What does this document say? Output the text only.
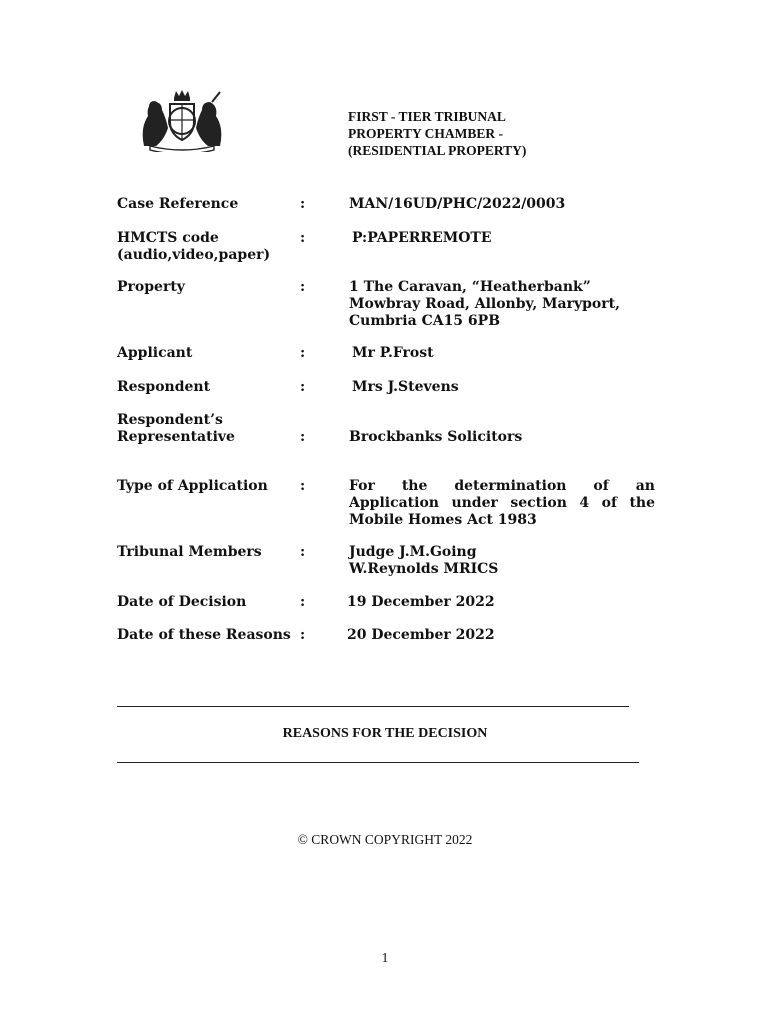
FIRST - TIER TRIBUNAL
PROPERTY CHAMBER -
(RESIDENTIAL PROPERTY)
Case Reference	:	MAN/16UD/PHC/2022/0003
HMCTS code
(audio,video,paper)
:	P:PAPERREMOTE
Property	:	1 The Caravan, “Heatherbank”
Mowbray Road, Allonby, Maryport,
Cumbria CA15 6PB
Applicant	:	Mr P.Frost
Respondent	:	Mrs J.Stevens
Respondent’s
Representative	:	Brockbanks Solicitors
Type of Application	:	For the determination of an
Application under section 4 of the
Mobile Homes Act 1983
Tribunal Members	:	Judge J.M.Going
W.Reynolds MRICS
Date of Decision	:	19 December 2022
Date of these Reasons :	20 December 2022
REASONS FOR THE DECISION
© CROWN COPYRIGHT 2022
1
